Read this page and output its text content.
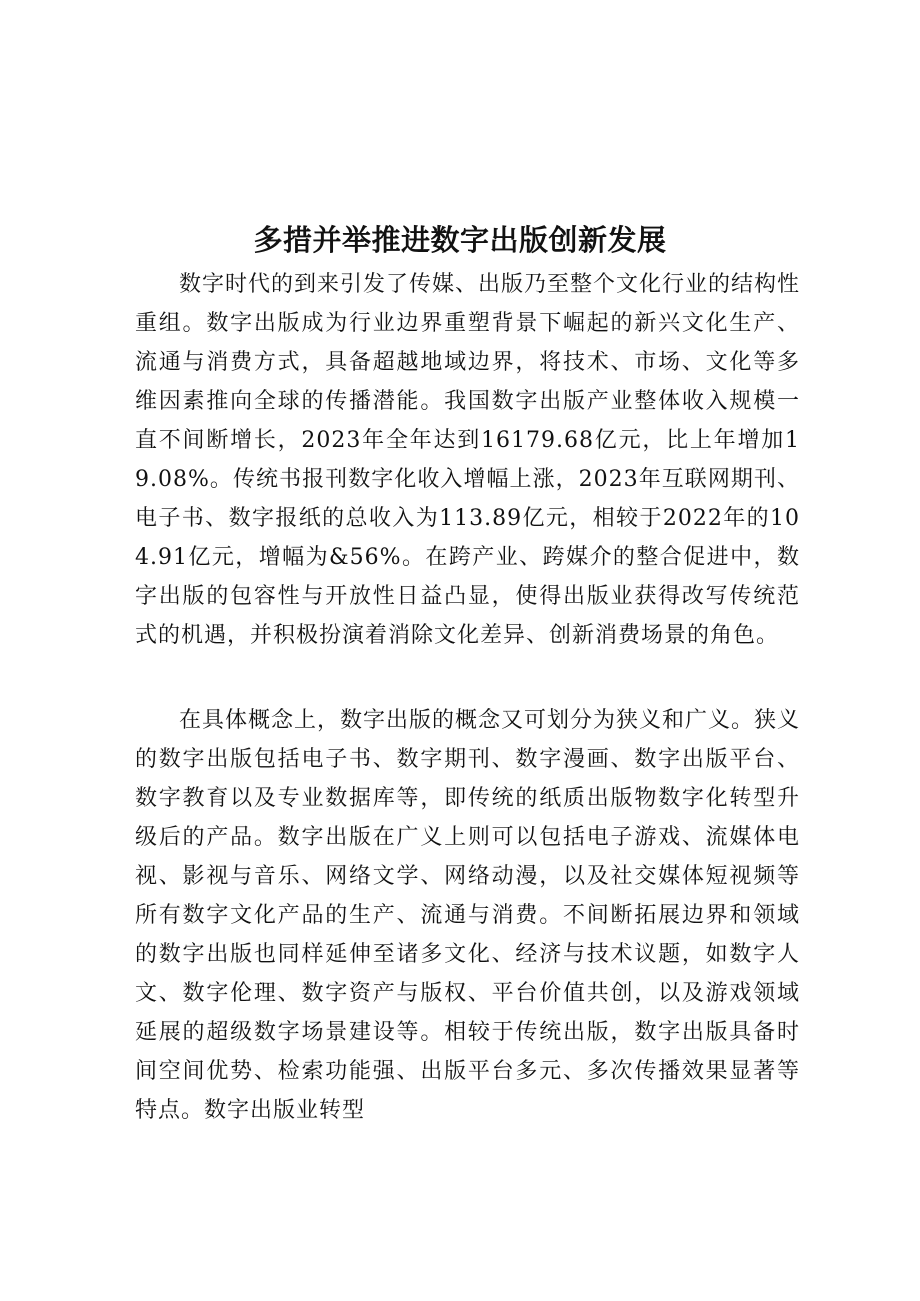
多措并举推进数字出版创新发展

数字时代的到来引发了传媒、出版乃至整个文化行业的结构性重组。数字出版成为行业边界重塑背景下崛起的新兴文化生产、流通与消费方式，具备超越地域边界，将技术、市场、文化等多维因素推向全球的传播潜能。我国数字出版产业整体收入规模一直不间断增长，2023年全年达到16179.68亿元，比上年增加19.08%。传统书报刊数字化收入增幅上涨，2023年互联网期刊、电子书、数字报纸的总收入为113.89亿元，相较于2022年的104.91亿元，增幅为&56%。在跨产业、跨媒介的整合促进中，数字出版的包容性与开放性日益凸显，使得出版业获得改写传统范式的机遇，并积极扮演着消除文化差异、创新消费场景的角色。

在具体概念上，数字出版的概念又可划分为狭义和广义。狭义的数字出版包括电子书、数字期刊、数字漫画、数字出版平台、数字教育以及专业数据库等，即传统的纸质出版物数字化转型升级后的产品。数字出版在广义上则可以包括电子游戏、流媒体电视、影视与音乐、网络文学、网络动漫，以及社交媒体短视频等所有数字文化产品的生产、流通与消费。不间断拓展边界和领域的数字出版也同样延伸至诸多文化、经济与技术议题，如数字人文、数字伦理、数字资产与版权、平台价值共创，以及游戏领域延展的超级数字场景建设等。相较于传统出版，数字出版具备时间空间优势、检索功能强、出版平台多元、多次传播效果显著等特点。数字出版业转型
